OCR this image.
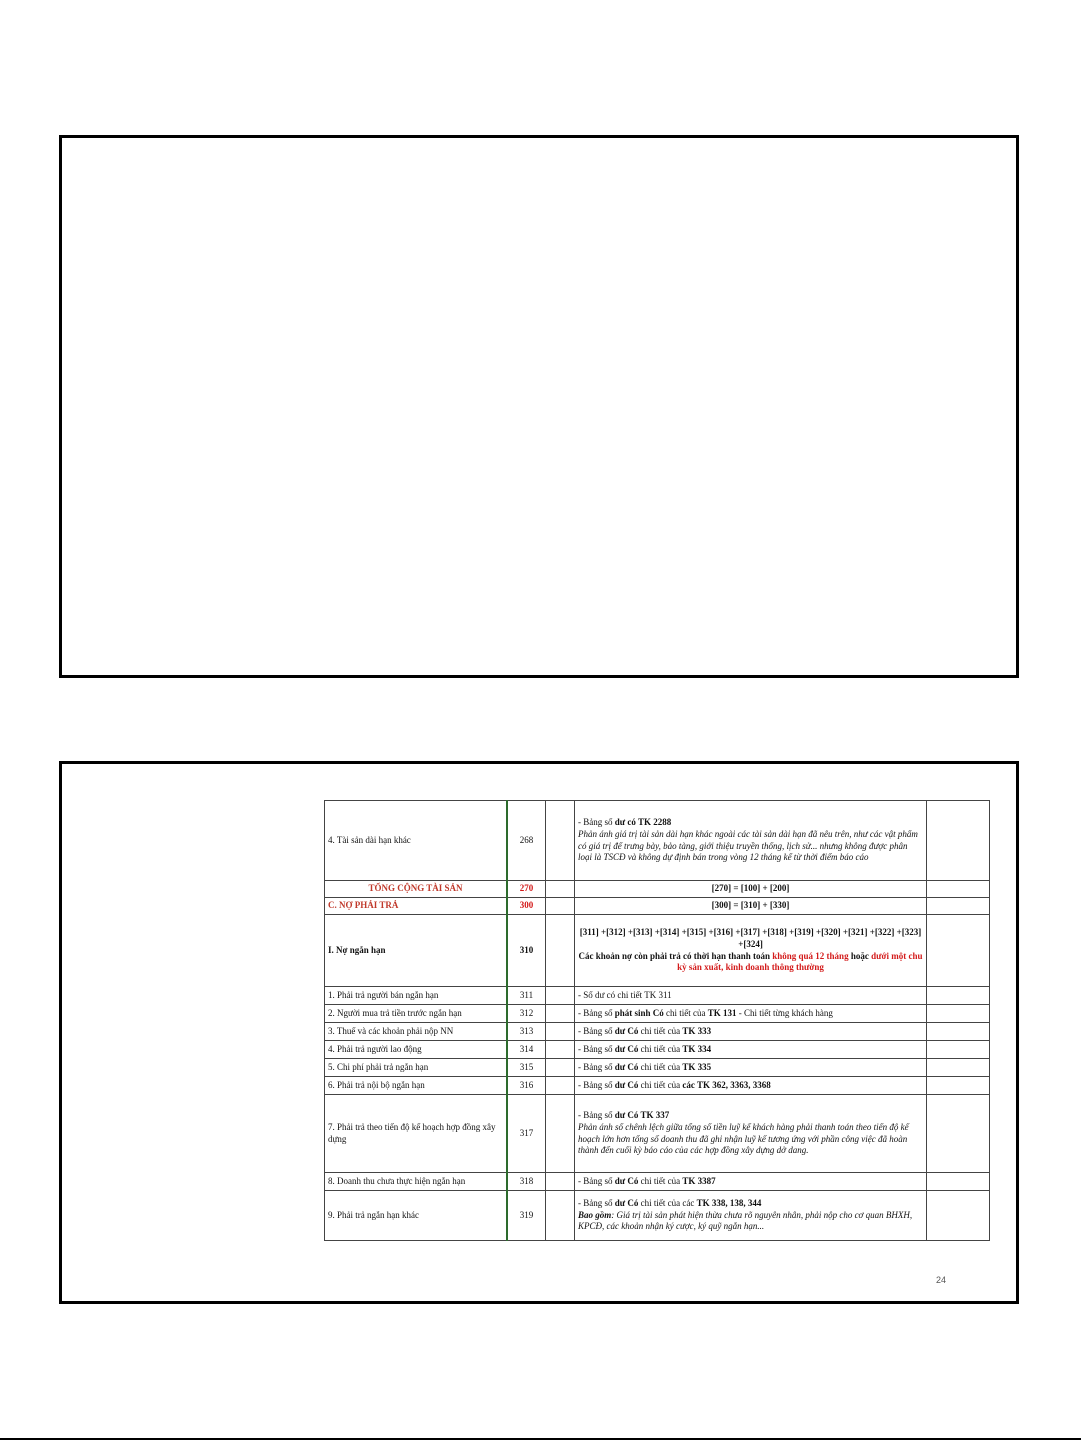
4. Tài sản dài hạn khác	268		- Bảng số dư có TK 2288
Phản ánh giá trị tài sản dài hạn khác ngoài các tài sản dài hạn đã nêu trên, như các vật phẩm có giá trị để trưng bày, bảo tàng, giới thiệu truyền thống, lịch sử... nhưng không được phân loại là TSCĐ và không dự định bán trong vòng 12 tháng kể từ thời điểm báo cáo	
TỔNG CỘNG TÀI SẢN	270		[270] = [100] + [200]	
C. NỢ PHẢI TRẢ	300		[300] = [310] + [330]	
I. Nợ ngắn hạn	310		[311] +[312] +[313] +[314] +[315] +[316] +[317] +[318] +[319] +[320] +[321] +[322] +[323] +[324]
Các khoản nợ còn phải trả có thời hạn thanh toán không quá 12 tháng hoặc dưới một chu kỳ sản xuất, kinh doanh thông thường	

1. Phải trả người bán ngắn hạn	311		- Số dư có chi tiết TK 311	
2. Người mua trả tiền trước ngắn hạn	312		- Bảng số phát sinh Có chi tiết của TK 131 - Chi tiết từng khách hàng	
3. Thuế và các khoản phải nộp NN	313		- Bảng số dư Có chi tiết của TK 333	
4. Phải trả người lao động	314		- Bảng số dư Có chi tiết của TK 334	
5. Chi phí phải trả ngắn hạn	315		- Bảng số dư Có chi tiết của TK 335	
6. Phải trả nội bộ ngắn hạn	316		- Bảng số dư Có chi tiết của các TK 362, 3363, 3368	
7. Phải trả theo tiến độ kế hoạch hợp đồng xây dựng	317		- Bảng số dư Có TK 337
Phản ánh số chênh lệch giữa tổng số tiền luỹ kế khách hàng phải thanh toán theo tiến độ kế hoạch lớn hơn tổng số doanh thu đã ghi nhận luỹ kế tương ứng với phần công việc đã hoàn thành đến cuối kỳ báo cáo của các hợp đồng xây dựng dở dang.	
8. Doanh thu chưa thực hiện ngắn hạn	318		- Bảng số dư Có chi tiết của TK 3387	
9. Phải trả ngắn hạn khác	319		- Bảng số dư Có chi tiết của các TK 338, 138, 344
Bao gồm: Giá trị tài sản phát hiện thừa chưa rõ nguyên nhân, phải nộp cho cơ quan BHXH, KPCĐ, các khoản nhận ký cược, ký quỹ ngắn hạn...	
24
